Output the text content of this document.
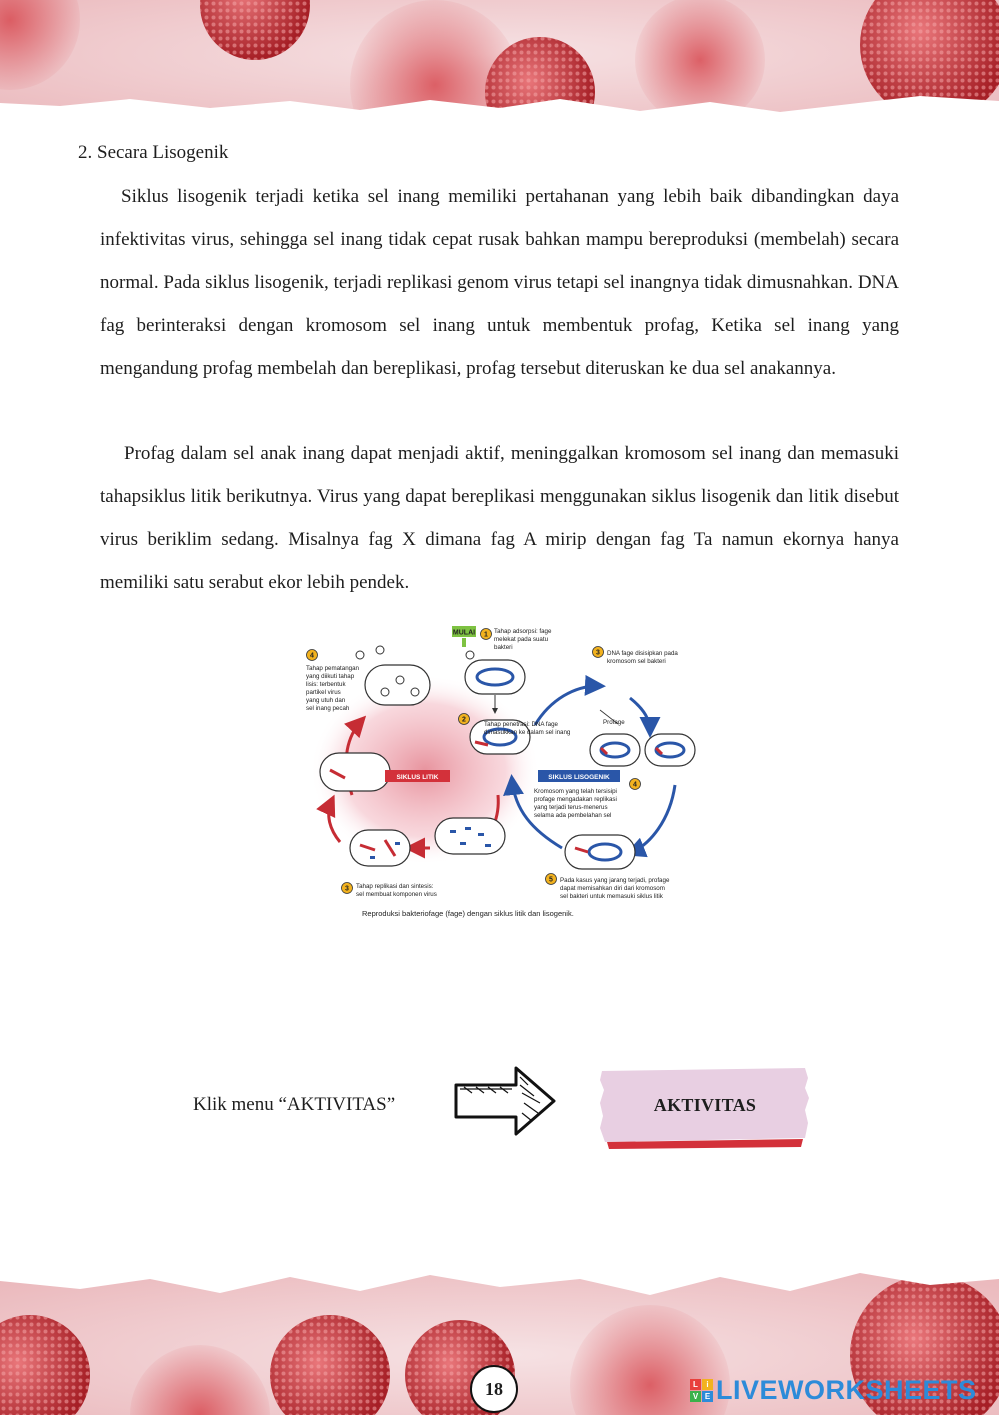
2. Secara Lisogenik
Siklus lisogenik terjadi ketika sel inang memiliki pertahanan yang lebih baik dibandingkan daya infektivitas virus, sehingga sel inang tidak cepat rusak bahkan mampu bereproduksi (membelah) secara normal. Pada siklus lisogenik, terjadi replikasi genom virus tetapi sel inangnya tidak dimusnahkan. DNA fag berinteraksi dengan kromosom sel inang untuk membentuk profag, Ketika sel inang yang mengandung profag membelah dan bereplikasi, profag tersebut diteruskan ke dua sel anakannya.
Profag dalam sel anak inang dapat menjadi aktif, meninggalkan kromosom sel inang dan memasuki tahapsiklus litik berikutnya. Virus yang dapat bereplikasi menggunakan siklus lisogenik dan litik disebut virus beriklim sedang. Misalnya fag X dimana fag A mirip dengan fag Ta namun ekornya hanya memiliki satu serabut ekor lebih pendek.
MULAI 1 Tahap adsorpsi: fage
melekat pada suatu
bakteri
2
Tahap penetrasi: DNA fage
dimasukkan ke dalam sel inang
3 Tahap replikasi dan sintesis:
sel membuat komponen virus
4
Tahap pematangan
yang diikuti tahap
lisis: terbentuk
partikel virus
yang utuh dan
sel inang pecah
3 DNA fage disisipkan pada
kromosom sel bakteri
Profage
4
Kromosom yang telah tersisipi
profage mengadakan replikasi
yang terjadi terus-menerus
selama ada pembelahan sel
5 Pada kasus yang jarang terjadi, profage
dapat memisahkan diri dari kromosom
sel bakteri untuk memasuki siklus litik
SIKLUS LITIK	SIKLUS LISOGENIK
Reproduksi bakteriofage (fage) dengan siklus litik dan lisogenik.
Klik menu “AKTIVITAS”	AKTIVITAS
18	L	i
V E LIVEWORKSHEETS
